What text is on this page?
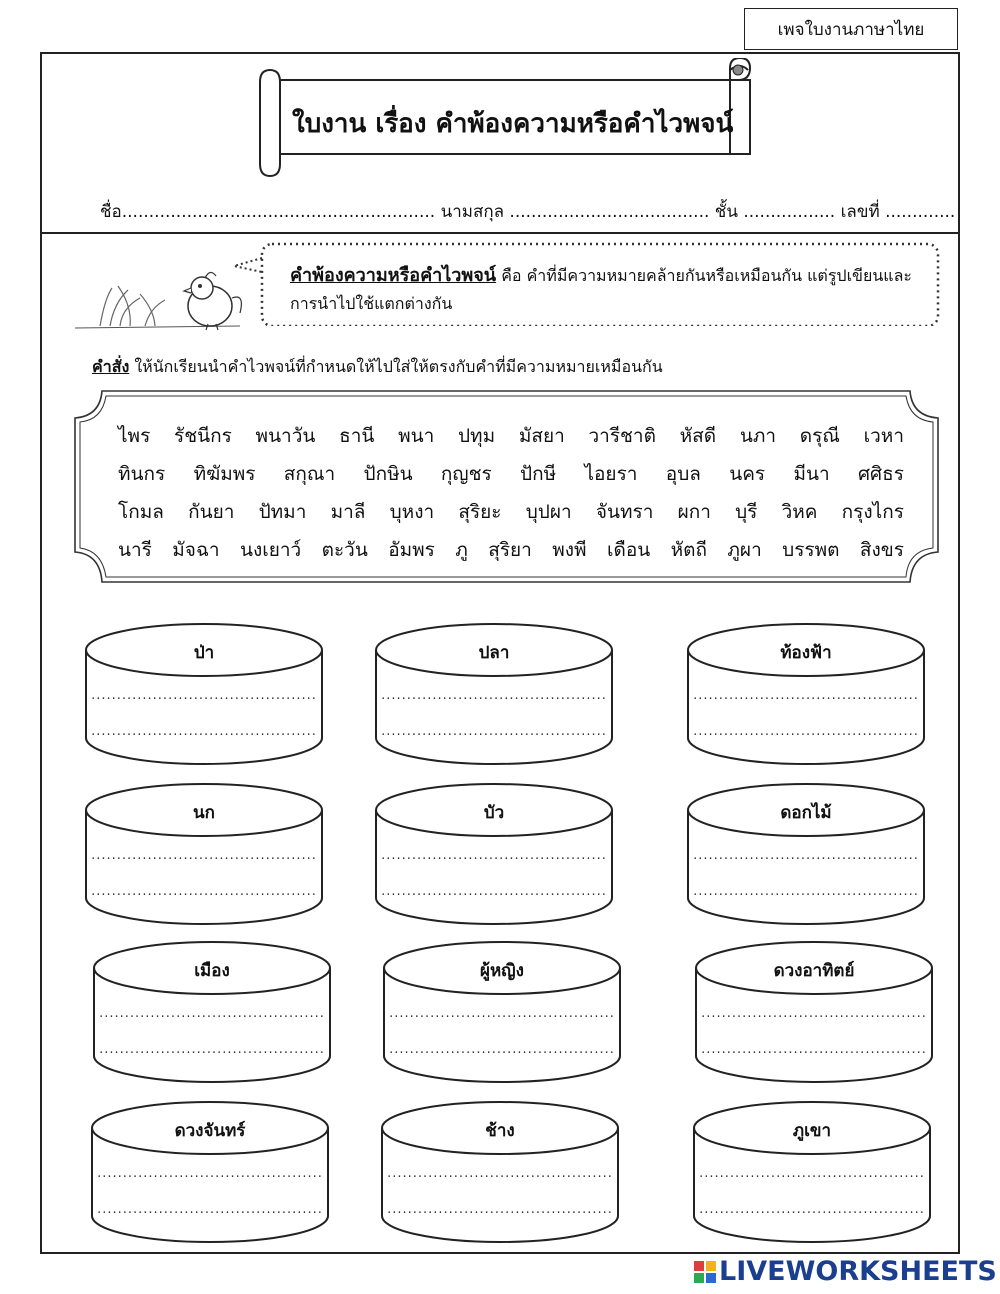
เพจใบงานภาษาไทย
ใบงาน เรื่อง คำพ้องความหรือคำไวพจน์
ชื่อ.......................................................... นามสกุล ..................................... ชั้น ................. เลขที่ .............
คำพ้องความหรือคำไวพจน์ คือ คำที่มีความหมายคล้ายกันหรือเหมือนกัน แต่รูปเขียนและการนำไปใช้แตกต่างกัน
คำสั่ง ให้นักเรียนนำคำไวพจน์ที่กำหนดให้ไปใส่ให้ตรงกับคำที่มีความหมายเหมือนกัน
ไพร รัชนีกร พนาวัน ธานี พนา ปทุม มัสยา วารีชาติ หัสดี นภา ดรุณี เวหา
ทินกร ทิฆัมพร สกุณา ปักษิน กุญชร ปักษี ไอยรา อุบล นคร มีนา ศศิธร
โกมล กันยา ปัทมา มาลี บุหงา สุริยะ บุปผา จันทรา ผกา บุรี วิหค กรุงไกร
นารี มัจฉา นงเยาว์ ตะวัน อัมพร ภู สุริยา พงพี เดือน หัตถี ภูผา บรรพต สิงขร
ป่า
............................................
............................................
ปลา
............................................
............................................
ท้องฟ้า
............................................
............................................
นก
............................................
............................................
บัว
............................................
............................................
ดอกไม้
............................................
............................................
เมือง
............................................
............................................
ผู้หญิง
............................................
............................................
ดวงอาทิตย์
............................................
............................................
ดวงจันทร์
............................................
............................................
ช้าง
............................................
............................................
ภูเขา
............................................
............................................
LIVEWORKSHEETS
